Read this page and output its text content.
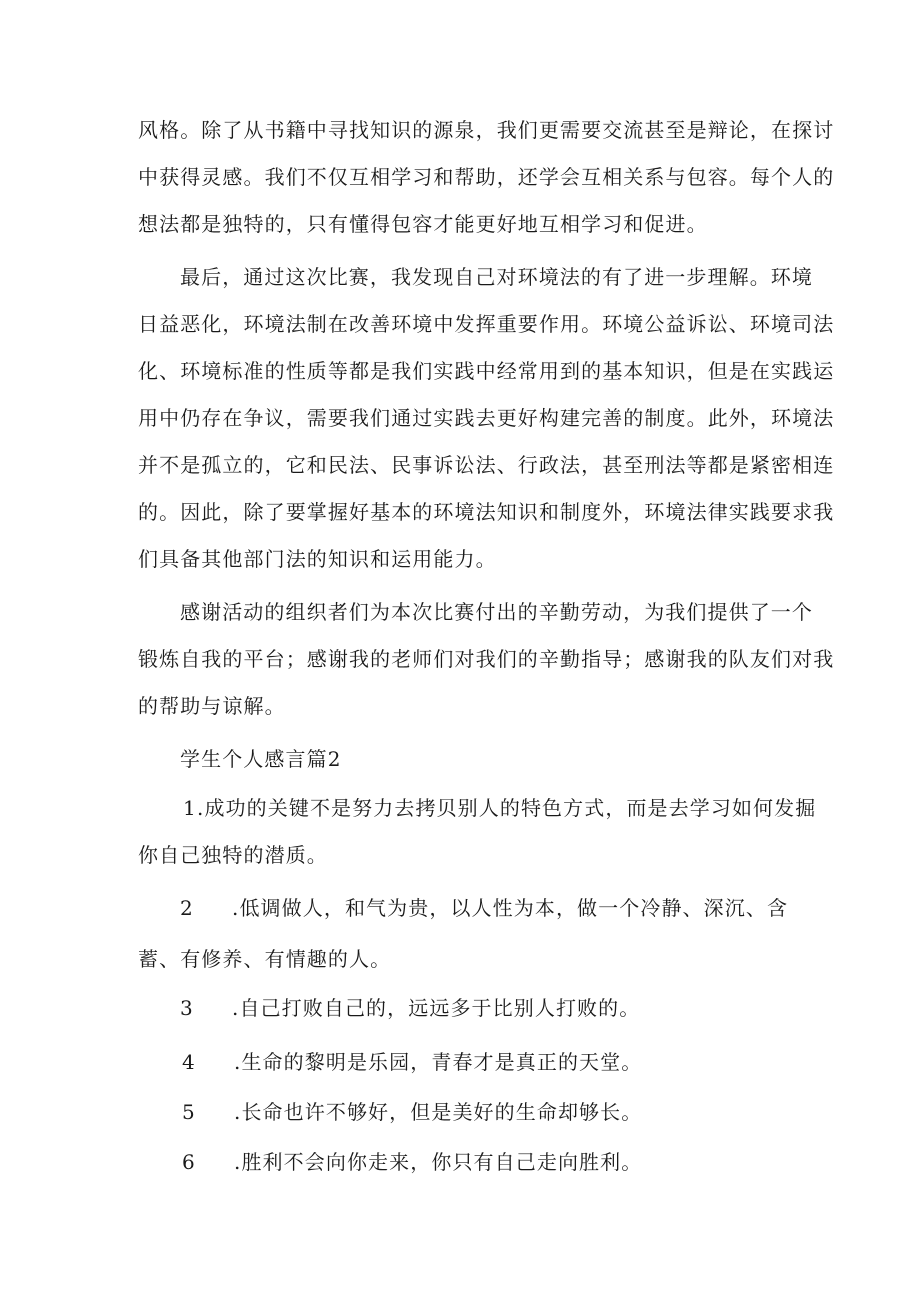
风格。除了从书籍中寻找知识的源泉，我们更需要交流甚至是辩论，在探讨
中获得灵感。我们不仅互相学习和帮助，还学会互相关系与包容。每个人的
想法都是独特的，只有懂得包容才能更好地互相学习和促进。
最后，通过这次比赛，我发现自己对环境法的有了进一步理解。环境
日益恶化，环境法制在改善环境中发挥重要作用。环境公益诉讼、环境司法
化、环境标准的性质等都是我们实践中经常用到的基本知识，但是在实践运
用中仍存在争议，需要我们通过实践去更好构建完善的制度。此外，环境法
并不是孤立的，它和民法、民事诉讼法、行政法，甚至刑法等都是紧密相连
的。因此，除了要掌握好基本的环境法知识和制度外，环境法律实践要求我
们具备其他部门法的知识和运用能力。
感谢活动的组织者们为本次比赛付出的辛勤劳动，为我们提供了一个
锻炼自我的平台；感谢我的老师们对我们的辛勤指导；感谢我的队友们对我
的帮助与谅解。
学生个人感言篇2
1 .成功的关键不是努力去拷贝别人的特色方式，而是去学习如何发掘
你自己独特的潜质。
2 .低调做人，和气为贵，以人性为本，做一个冷静、深沉、含
蓄、有修养、有情趣的人。
3 .自己打败自己的，远远多于比别人打败的。
4 .生命的黎明是乐园，青春才是真正的天堂。
5 .长命也许不够好，但是美好的生命却够长。
6 .胜利不会向你走来，你只有自己走向胜利。
